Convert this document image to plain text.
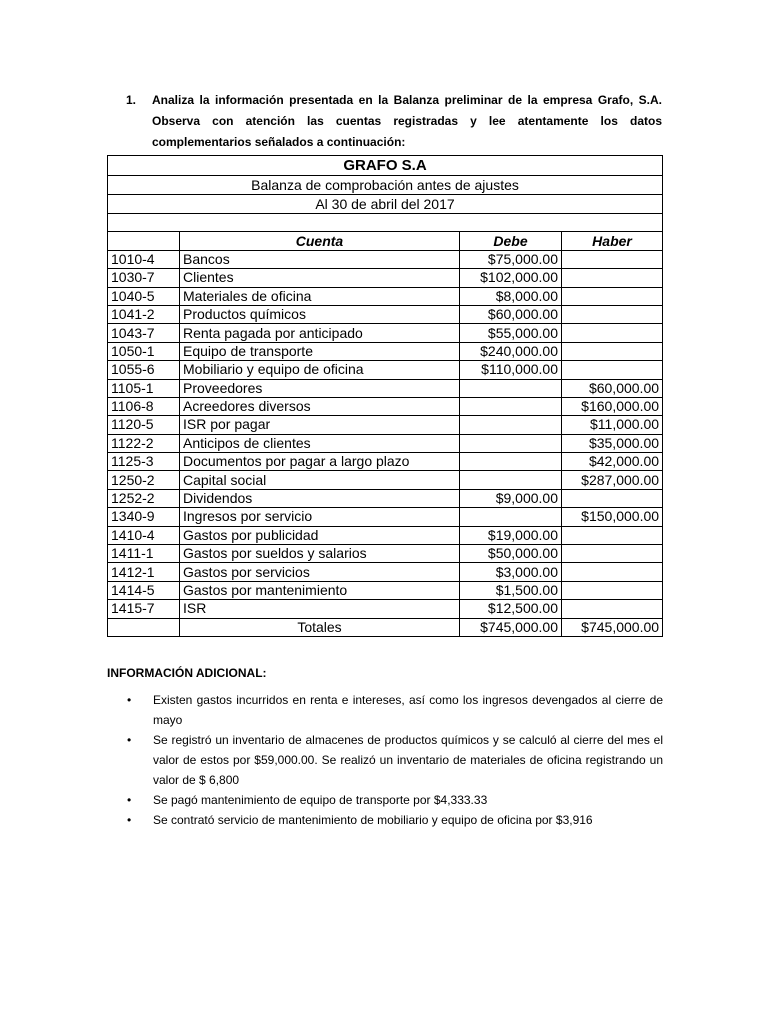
1. Analiza la información presentada en la Balanza preliminar de la empresa Grafo, S.A. Observa con atención las cuentas registradas y lee atentamente los datos complementarios señalados a continuación:
GRAFO S.A			
Balanza de comprobación antes de ajustes			
Al 30 de abril del 2017			

	Cuenta	Debe	Haber
1010-4	Bancos	$75,000.00	
1030-7	Clientes	$102,000.00	
1040-5	Materiales de oficina	$8,000.00	
1041-2	Productos químicos	$60,000.00	
1043-7	Renta pagada por anticipado	$55,000.00	
1050-1	Equipo de transporte	$240,000.00	
1055-6	Mobiliario y equipo de oficina	$110,000.00	
1105-1	Proveedores		$60,000.00
1106-8	Acreedores diversos		$160,000.00
1120-5	ISR por pagar		$11,000.00
1122-2	Anticipos de clientes		$35,000.00
1125-3	Documentos por pagar a largo plazo		$42,000.00
1250-2	Capital social		$287,000.00
1252-2	Dividendos	$9,000.00	
1340-9	Ingresos por servicio		$150,000.00
1410-4	Gastos por publicidad	$19,000.00	
1411-1	Gastos por sueldos y salarios	$50,000.00	
1412-1	Gastos por servicios	$3,000.00	
1414-5	Gastos por mantenimiento	$1,500.00	
1415-7	ISR	$12,500.00	
	Totales	$745,000.00	$745,000.00
INFORMACIÓN ADICIONAL:
• Existen gastos incurridos en renta e intereses, así como los ingresos devengados al cierre de mayo
• Se registró un inventario de almacenes de productos químicos y se calculó al cierre del mes el valor de estos por $59,000.00. Se realizó un inventario de materiales de oficina registrando un valor de $ 6,800
• Se pagó mantenimiento de equipo de transporte por $4,333.33
• Se contrató servicio de mantenimiento de mobiliario y equipo de oficina por $3,916
